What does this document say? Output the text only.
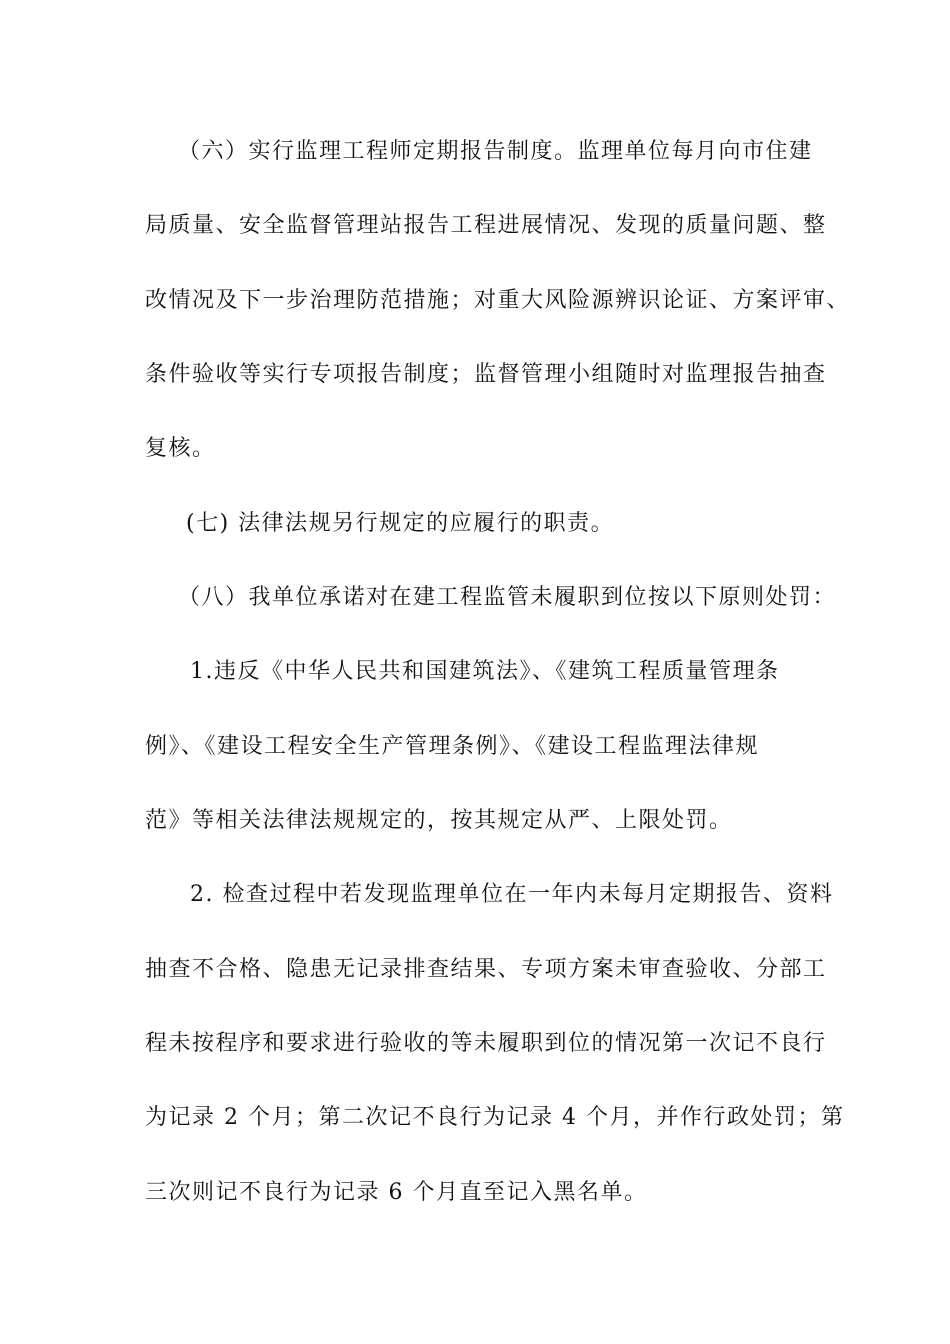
（六）实行监理工程师定期报告制度。监理单位每月向市住建

局质量、安全监督管理站报告工程进展情况、发现的质量问题、整

改情况及下一步治理防范措施；对重大风险源辨识论证、方案评审、

条件验收等实行专项报告制度；监督管理小组随时对监理报告抽查

复核。

(七) 法律法规另行规定的应履行的职责。

（八）我单位承诺对在建工程监管未履职到位按以下原则处罚：

1.违反《中华人民共和国建筑法》、《建筑工程质量管理条

例》、《建设工程安全生产管理条例》、《建设工程监理法律规

范》等相关法律法规规定的，按其规定从严、上限处罚。

2. 检查过程中若发现监理单位在一年内未每月定期报告、资料

抽查不合格、隐患无记录排查结果、专项方案未审查验收、分部工

程未按程序和要求进行验收的等未履职到位的情况第一次记不良行

为记录 2 个月；第二次记不良行为记录 4 个月，并作行政处罚；第

三次则记不良行为记录 6 个月直至记入黑名单。
